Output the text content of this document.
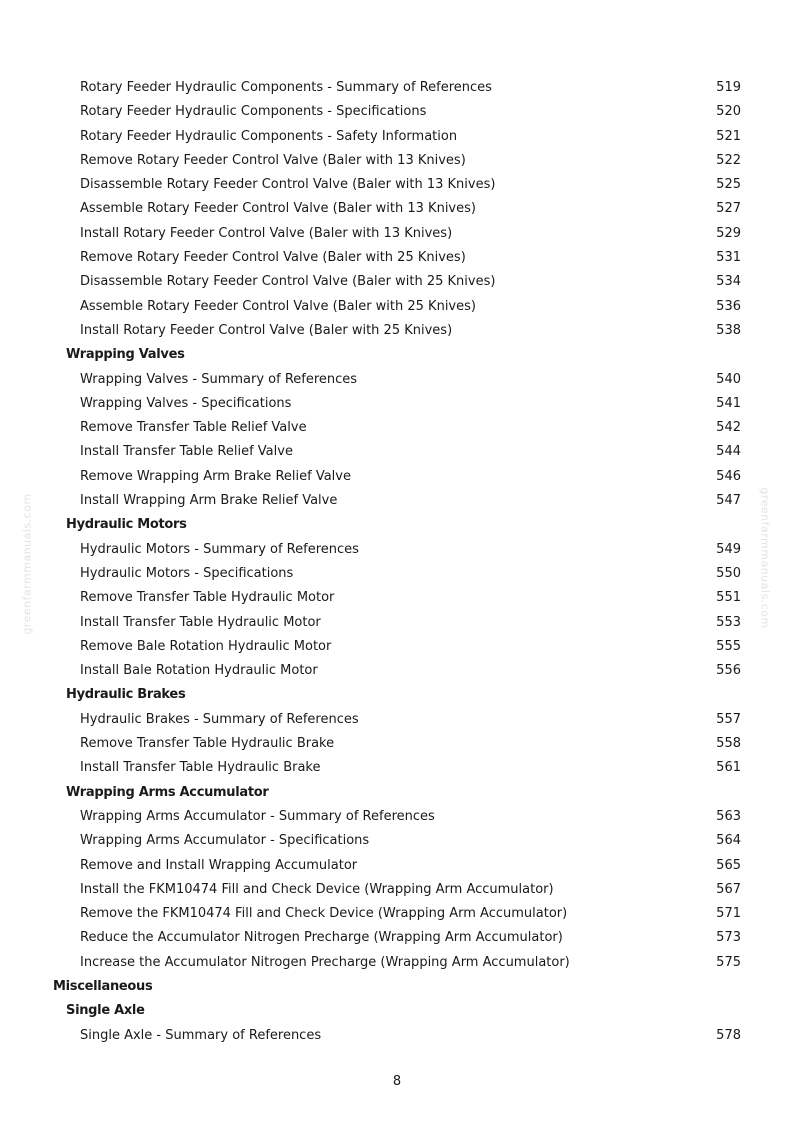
greenfarmmanuals.com	greenfarmmanuals.com
Rotary Feeder Hydraulic Components - Summary of References	519
Rotary Feeder Hydraulic Components - Specifications	520
Rotary Feeder Hydraulic Components - Safety Information	521
Remove Rotary Feeder Control Valve (Baler with 13 Knives)	522
Disassemble Rotary Feeder Control Valve (Baler with 13 Knives)	525
Assemble Rotary Feeder Control Valve (Baler with 13 Knives)	527
Install Rotary Feeder Control Valve (Baler with 13 Knives)	529
Remove Rotary Feeder Control Valve (Baler with 25 Knives)	531
Disassemble Rotary Feeder Control Valve (Baler with 25 Knives)	534
Assemble Rotary Feeder Control Valve (Baler with 25 Knives)	536
Install Rotary Feeder Control Valve (Baler with 25 Knives)	538
Wrapping Valves
Wrapping Valves - Summary of References	540
Wrapping Valves - Specifications	541
Remove Transfer Table Relief Valve	542
Install Transfer Table Relief Valve	544
Remove Wrapping Arm Brake Relief Valve	546
Install Wrapping Arm Brake Relief Valve	547
Hydraulic Motors
Hydraulic Motors - Summary of References	549
Hydraulic Motors - Specifications	550
Remove Transfer Table Hydraulic Motor	551
Install Transfer Table Hydraulic Motor	553
Remove Bale Rotation Hydraulic Motor	555
Install Bale Rotation Hydraulic Motor	556
Hydraulic Brakes
Hydraulic Brakes - Summary of References	557
Remove Transfer Table Hydraulic Brake	558
Install Transfer Table Hydraulic Brake	561
Wrapping Arms Accumulator
Wrapping Arms Accumulator - Summary of References	563
Wrapping Arms Accumulator - Specifications	564
Remove and Install Wrapping Accumulator	565
Install the FKM10474 Fill and Check Device (Wrapping Arm Accumulator)	567
Remove the FKM10474 Fill and Check Device (Wrapping Arm Accumulator)	571
Reduce the Accumulator Nitrogen Precharge (Wrapping Arm Accumulator)	573
Increase the Accumulator Nitrogen Precharge (Wrapping Arm Accumulator)	575
Miscellaneous
Single Axle
Single Axle - Summary of References	578
8
